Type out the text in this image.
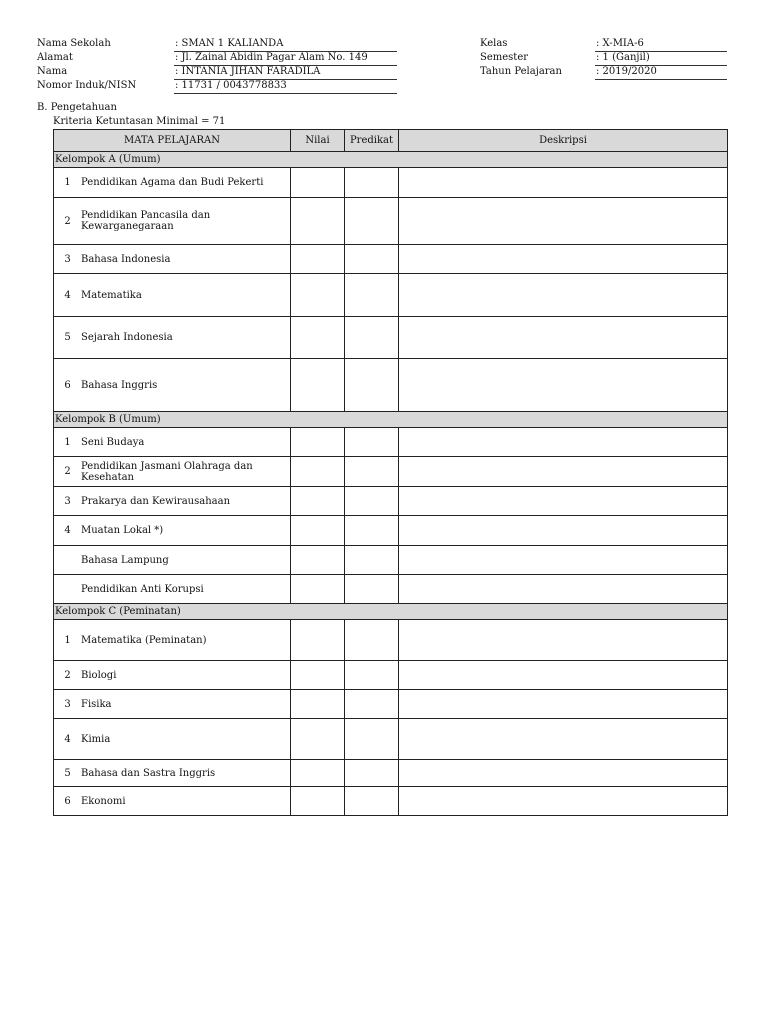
Nama Sekolah	: SMAN 1 KALIANDA
Alamat	: Jl. Zainal Abidin Pagar Alam No. 149
Nama	: INTANIA JIHAN FARADILA
Nomor Induk/NISN	: 11731 / 0043778833
Kelas	: X-MIA-6
Semester	: 1 (Ganjil)
Tahun Pelajaran	: 2019/2020
B. Pengetahuan
Kriteria Ketuntasan Minimal = 71
MATA PELAJARAN	Nilai	Predikat	Deskripsi
Kelompok A (Umum)			
1 Pendidikan Agama dan Budi Pekerti			
2 Pendidikan Pancasila dan Kewarganegaraan			
3 Bahasa Indonesia			
4 Matematika			
5 Sejarah Indonesia			
6 Bahasa Inggris			
Kelompok B (Umum)			
1 Seni Budaya			
2 Pendidikan Jasmani Olahraga dan Kesehatan			
3 Prakarya dan Kewirausahaan			
4 Muatan Lokal *)			
Bahasa Lampung			
Pendidikan Anti Korupsi			
Kelompok C (Peminatan)			
1 Matematika (Peminatan)			
2 Biologi			
3 Fisika			
4 Kimia			
5 Bahasa dan Sastra Inggris			
6 Ekonomi			
